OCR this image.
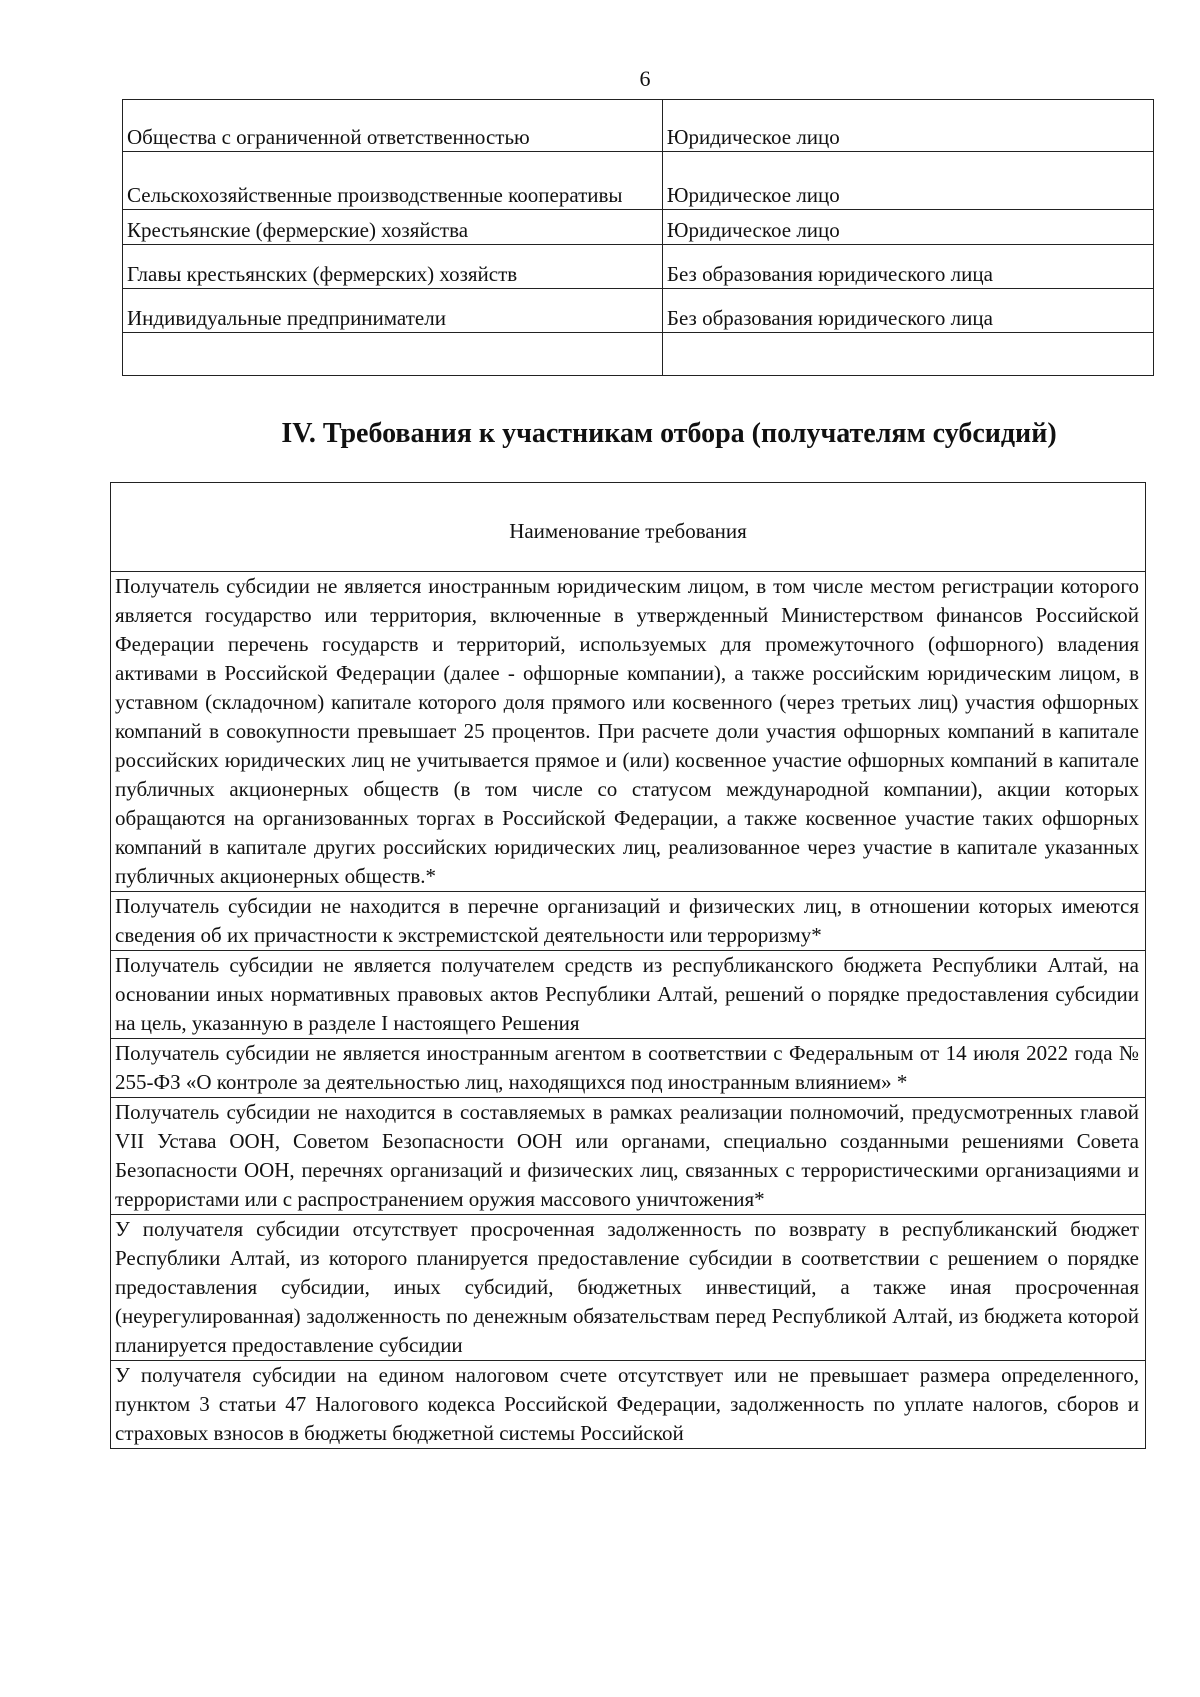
6
Общества с ограниченной ответственностью	Юридическое лицо
Сельскохозяйственные производственные кооперативы	Юридическое лицо
Крестьянские (фермерские) хозяйства	Юридическое лицо
Главы крестьянских (фермерских) хозяйств	Без образования юридического лица
Индивидуальные предприниматели	Без образования юридического лица

IV. Требования к участникам отбора (получателям субсидий)
Наименование требования
Получатель субсидии не является иностранным юридическим лицом, в том числе местом регистрации которого является государство или территория, включенные в утвержденный Министерством финансов Российской Федерации перечень государств и территорий, используемых для промежуточного (офшорного) владения активами в Российской Федерации (далее - офшорные компании), а также российским юридическим лицом, в уставном (складочном) капитале которого доля прямого или косвенного (через третьих лиц) участия офшорных компаний в совокупности превышает 25 процентов. При расчете доли участия офшорных компаний в капитале российских юридических лиц не учитывается прямое и (или) косвенное участие офшорных компаний в капитале публичных акционерных обществ (в том числе со статусом международной компании), акции которых обращаются на организованных торгах в Российской Федерации, а также косвенное участие таких офшорных компаний в капитале других российских юридических лиц, реализованное через участие в капитале указанных публичных акционерных обществ.*
Получатель субсидии не находится в перечне организаций и физических лиц, в отношении которых имеются сведения об их причастности к экстремистской деятельности или терроризму*
Получатель субсидии не является получателем средств из республиканского бюджета Республики Алтай, на основании иных нормативных правовых актов Республики Алтай, решений о порядке предоставления субсидии на цель, указанную в разделе I настоящего Решения
Получатель субсидии не является иностранным агентом в соответствии с Федеральным от 14 июля 2022 года № 255-ФЗ «О контроле за деятельностью лиц, находящихся под иностранным влиянием» *
Получатель субсидии не находится в составляемых в рамках реализации полномочий, предусмотренных главой VII Устава ООН, Советом Безопасности ООН или органами, специально созданными решениями Совета Безопасности ООН, перечнях организаций и физических лиц, связанных с террористическими организациями и террористами или с распространением оружия массового уничтожения*
У получателя субсидии отсутствует просроченная задолженность по возврату в республиканский бюджет Республики Алтай, из которого планируется предоставление субсидии в соответствии с решением о порядке предоставления субсидии, иных субсидий, бюджетных инвестиций, а также иная просроченная (неурегулированная) задолженность по денежным обязательствам перед Республикой Алтай, из бюджета которой планируется предоставление субсидии
У получателя субсидии на едином налоговом счете отсутствует или не превышает размера определенного, пунктом 3 статьи 47 Налогового кодекса Российской Федерации, задолженность по уплате налогов, сборов и страховых взносов в бюджеты бюджетной системы Российской
